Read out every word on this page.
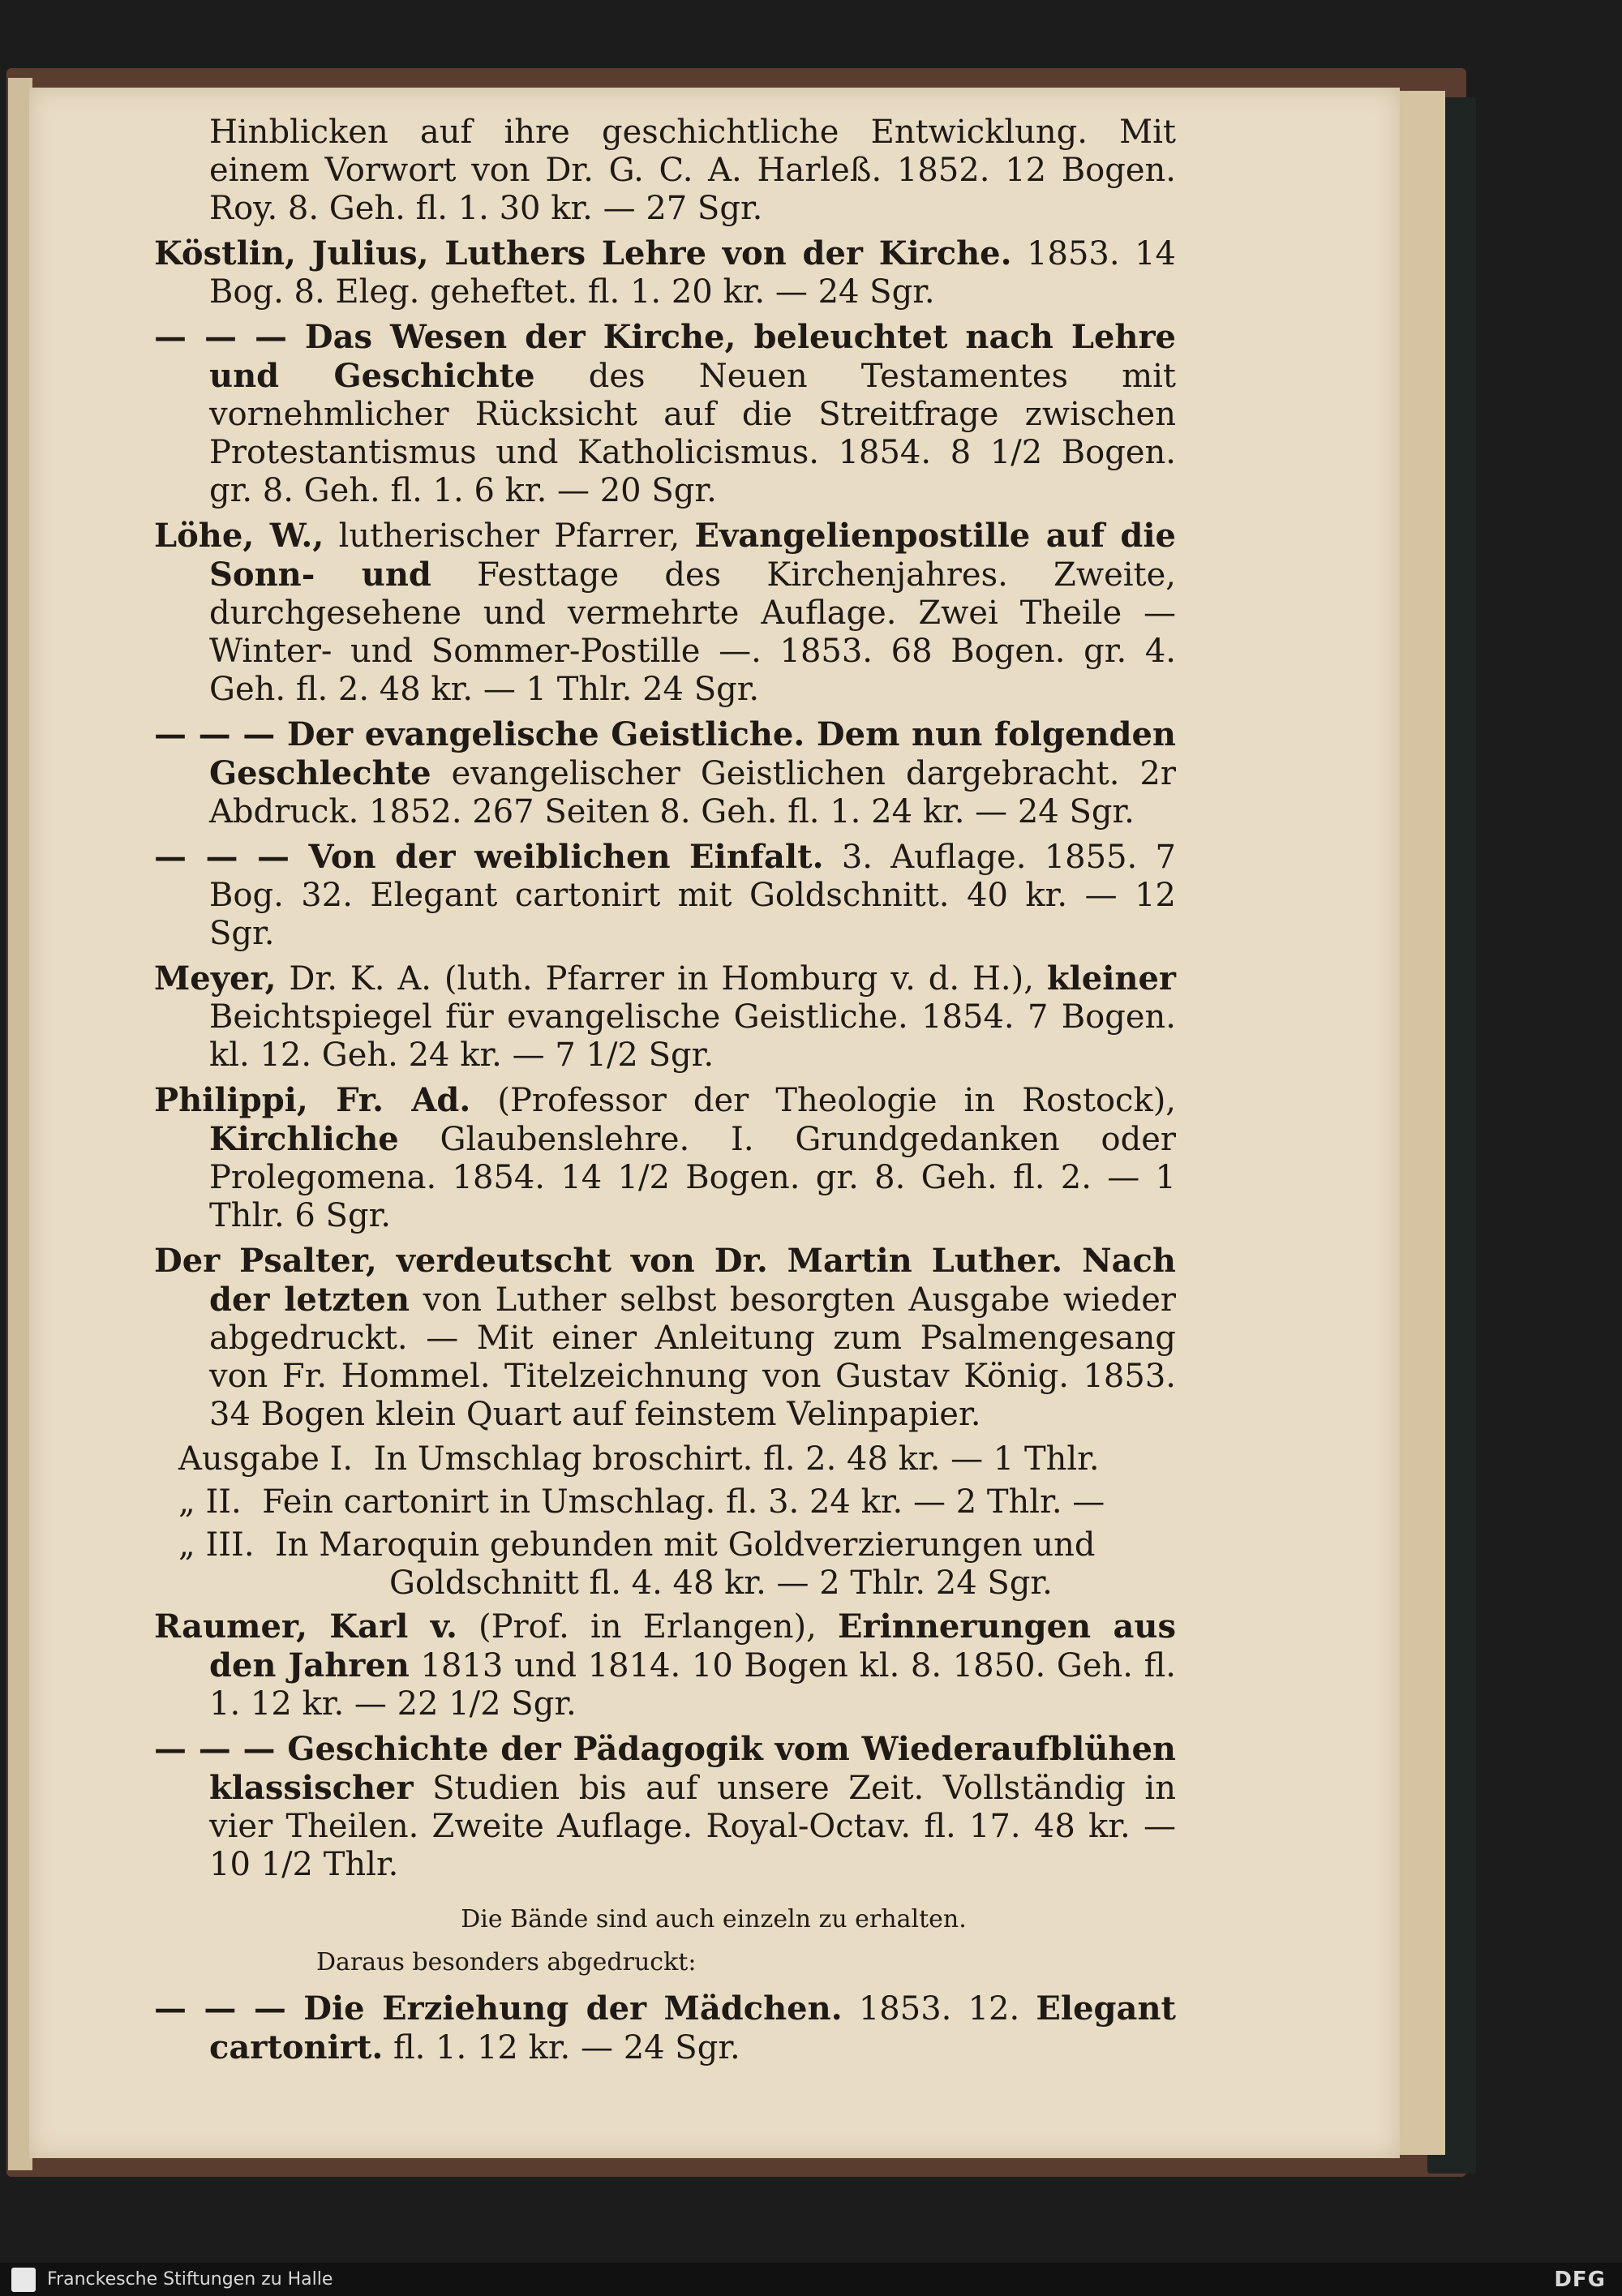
Hinblicken auf ihre geschichtliche Entwicklung. Mit einem Vorwort von Dr. G. C. A. Harleß. 1852. 12 Bogen. Roy. 8. Geh. fl. 1. 30 kr. — 27 Sgr.

Köstlin, Julius, Luthers Lehre von der Kirche. 1853. 14 Bog. 8. Eleg. geheftet. fl. 1. 20 kr. — 24 Sgr.

— — — Das Wesen der Kirche, beleuchtet nach Lehre und Geschichte des Neuen Testamentes mit vornehmlicher Rücksicht auf die Streitfrage zwischen Protestantismus und Katholicismus. 1854. 8 1/2 Bogen. gr. 8. Geh. fl. 1. 6 kr. — 20 Sgr.

Löhe, W., lutherischer Pfarrer, Evangelienpostille auf die Sonn- und Festtage des Kirchenjahres. Zweite, durchgesehene und vermehrte Auflage. Zwei Theile — Winter- und Sommer-Postille —. 1853. 68 Bogen. gr. 4. Geh. fl. 2. 48 kr. — 1 Thlr. 24 Sgr.

— — — Der evangelische Geistliche. Dem nun folgenden Geschlechte evangelischer Geistlichen dargebracht. 2r Abdruck. 1852. 267 Seiten 8. Geh. fl. 1. 24 kr. — 24 Sgr.

— — — Von der weiblichen Einfalt. 3. Auflage. 1855. 7 Bog. 32. Elegant cartonirt mit Goldschnitt. 40 kr. — 12 Sgr.

Meyer, Dr. K. A. (luth. Pfarrer in Homburg v. d. H.), kleiner Beichtspiegel für evangelische Geistliche. 1854. 7 Bogen. kl. 12. Geh. 24 kr. — 7 1/2 Sgr.

Philippi, Fr. Ad. (Professor der Theologie in Rostock), Kirchliche Glaubenslehre. I. Grundgedanken oder Prolegomena. 1854. 14 1/2 Bogen. gr. 8. Geh. fl. 2. — 1 Thlr. 6 Sgr.

Der Psalter, verdeutscht von Dr. Martin Luther. Nach der letzten von Luther selbst besorgten Ausgabe wieder abgedruckt. — Mit einer Anleitung zum Psalmengesang von Fr. Hommel. Titelzeichnung von Gustav König. 1853. 34 Bogen klein Quart auf feinstem Velinpapier.

Ausgabe I. In Umschlag broschirt. fl. 2. 48 kr. — 1 Thlr.

„ II. Fein cartonirt in Umschlag. fl. 3. 24 kr. — 2 Thlr. —

„ III. In Maroquin gebunden mit Goldverzierungen und Goldschnitt fl. 4. 48 kr. — 2 Thlr. 24 Sgr.

Raumer, Karl v. (Prof. in Erlangen), Erinnerungen aus den Jahren 1813 und 1814. 10 Bogen kl. 8. 1850. Geh. fl. 1. 12 kr. — 22 1/2 Sgr.

— — — Geschichte der Pädagogik vom Wiederaufblühen klassischer Studien bis auf unsere Zeit. Vollständig in vier Theilen. Zweite Auflage. Royal-Octav. fl. 17. 48 kr. — 10 1/2 Thlr.

Die Bände sind auch einzeln zu erhalten.

Daraus besonders abgedruckt:

— — — Die Erziehung der Mädchen. 1853. 12. Elegant cartonirt. fl. 1. 12 kr. — 24 Sgr.

Franckesche Stiftungen zu Halle	DFG
